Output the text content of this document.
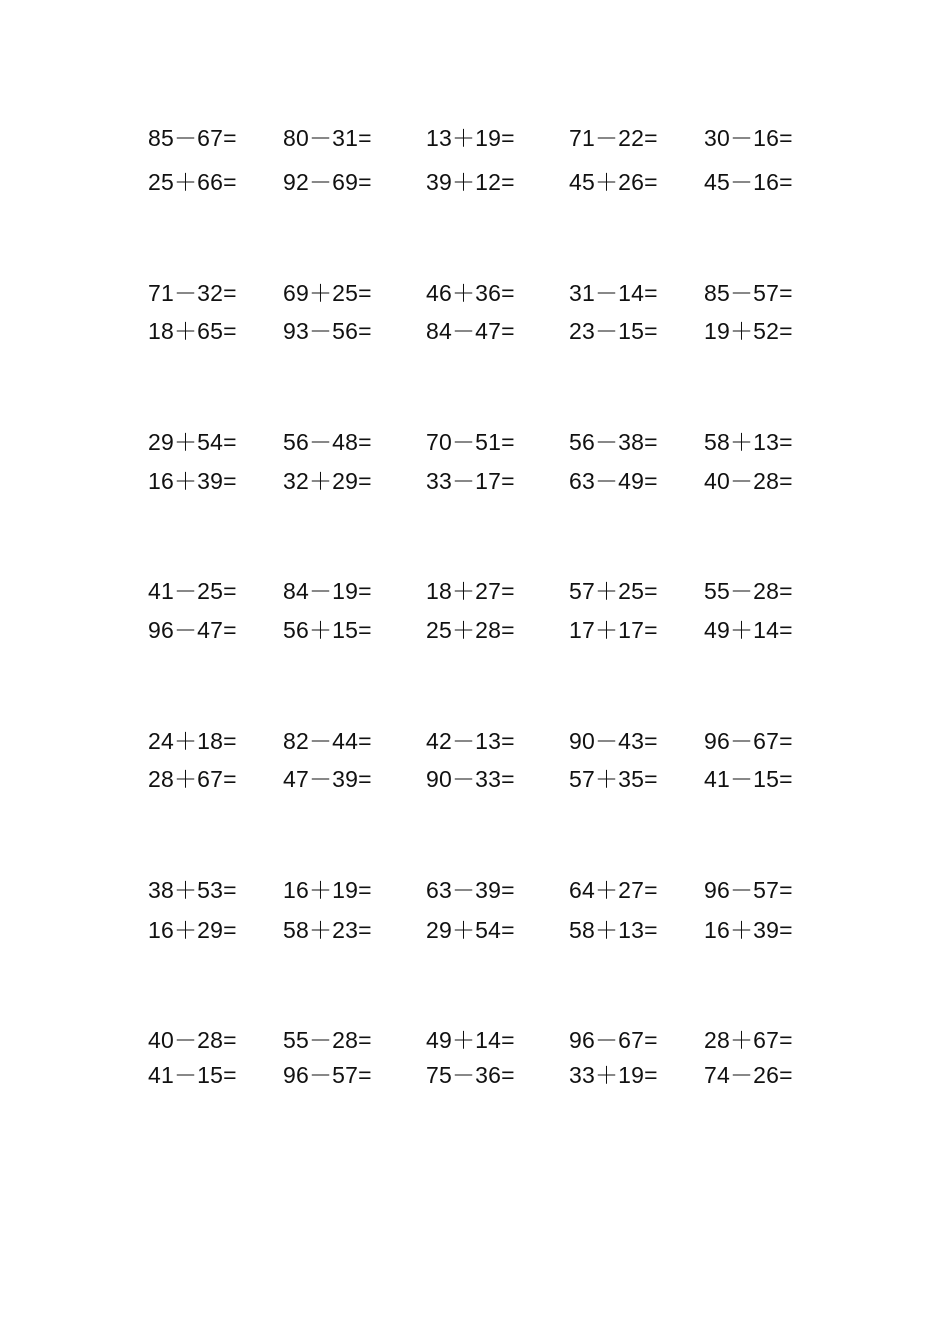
85－67= 80－31= 13＋19= 71－22= 30－16=
25＋66= 92－69= 39＋12= 45＋26= 45－16=
71－32= 69＋25= 46＋36= 31－14= 85－57=
18＋65= 93－56= 84－47= 23－15= 19＋52=
29＋54= 56－48= 70－51= 56－38= 58＋13=
16＋39= 32＋29= 33－17= 63－49= 40－28=
41－25= 84－19= 18＋27= 57＋25= 55－28=
96－47= 56＋15= 25＋28= 17＋17= 49＋14=
24＋18= 82－44= 42－13= 90－43= 96－67=
28＋67= 47－39= 90－33= 57＋35= 41－15=
38＋53= 16＋19= 63－39= 64＋27= 96－57=
16＋29= 58＋23= 29＋54= 58＋13= 16＋39=
40－28= 55－28= 49＋14= 96－67= 28＋67=
41－15= 96－57= 75－36= 33＋19= 74－26=
